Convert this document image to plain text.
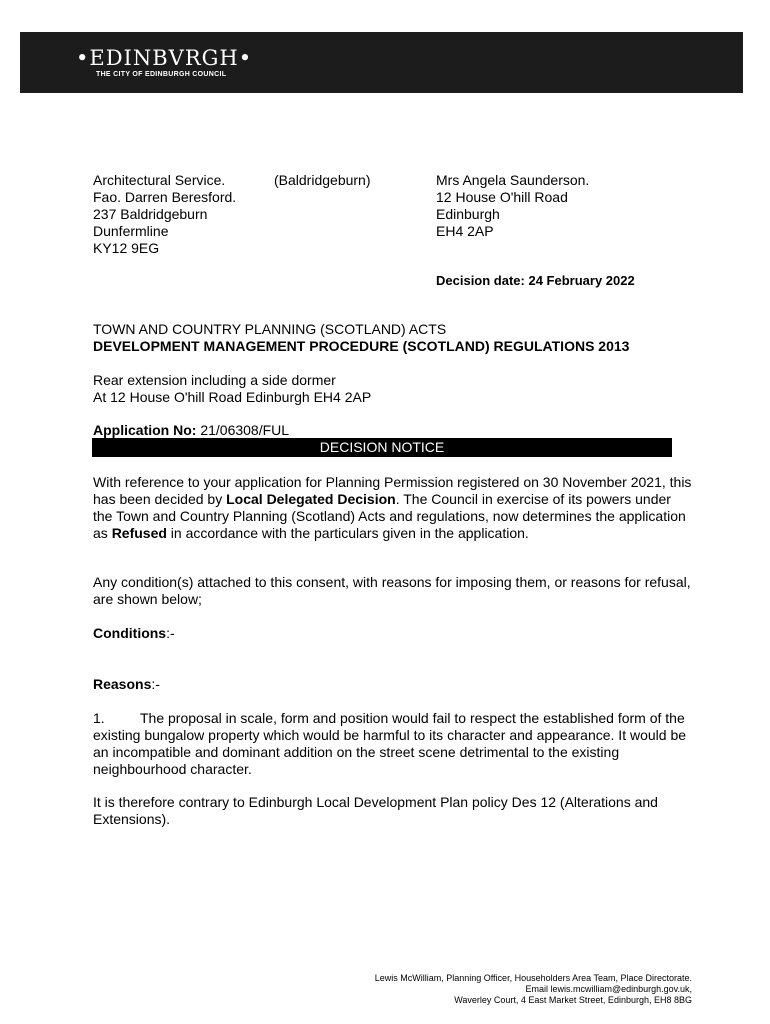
•EDINBVRGH•
THE CITY OF EDINBURGH COUNCIL
Architectural Service.
Fao. Darren Beresford.
237 Baldridgeburn
Dunfermline
KY12 9EG
(Baldridgeburn)	Mrs Angela Saunderson.
12 House O'hill Road
Edinburgh
EH4 2AP
Decision date: 24 February 2022
TOWN AND COUNTRY PLANNING (SCOTLAND) ACTS
DEVELOPMENT MANAGEMENT PROCEDURE (SCOTLAND) REGULATIONS 2013
Rear extension including a side dormer
At 12 House O'hill Road Edinburgh EH4 2AP
Application No: 21/06308/FUL
DECISION NOTICE
With reference to your application for Planning Permission registered on 30 November 2021, this has been decided by Local Delegated Decision. The Council in exercise of its powers under the Town and Country Planning (Scotland) Acts and regulations, now determines the application as Refused in accordance with the particulars given in the application.
Any condition(s) attached to this consent, with reasons for imposing them, or reasons for refusal, are shown below;
Conditions:-
Reasons:-
1.	The proposal in scale, form and position would fail to respect the established form of the existing bungalow property which would be harmful to its character and appearance. It would be an incompatible and dominant addition on the street scene detrimental to the existing neighbourhood character.
It is therefore contrary to Edinburgh Local Development Plan policy Des 12 (Alterations and Extensions).
Lewis McWilliam, Planning Officer, Householders Area Team, Place Directorate.
Email lewis.mcwilliam@edinburgh.gov.uk,
Waverley Court, 4 East Market Street, Edinburgh, EH8 8BG
